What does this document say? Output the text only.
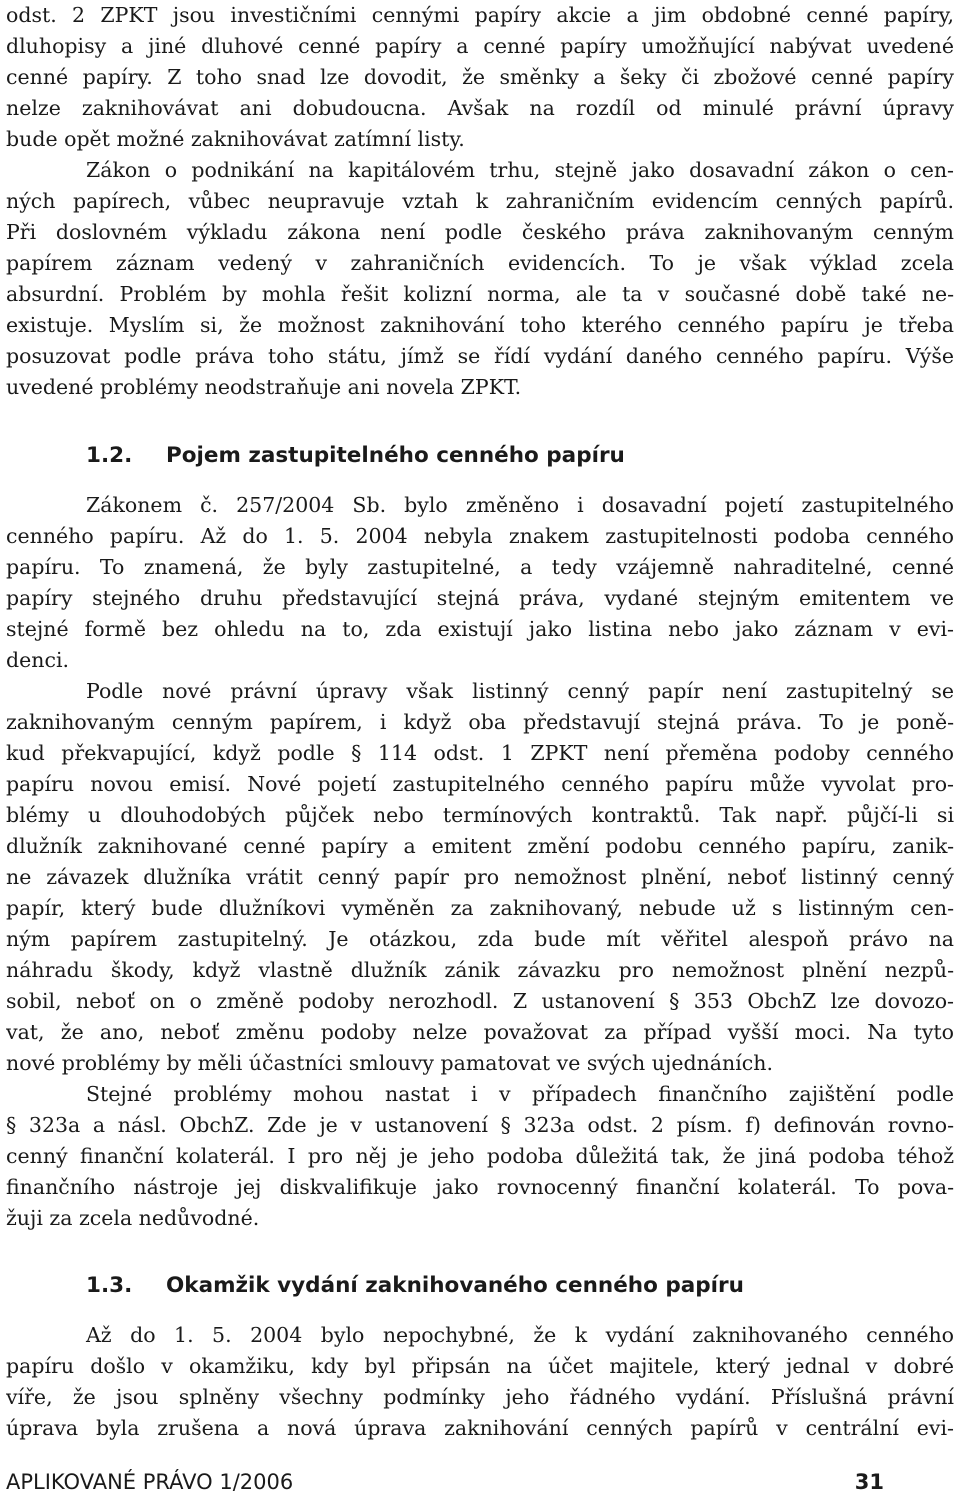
odst. 2 ZPKT jsou investičními cennými papíry akcie a jim obdobné cenné papíry,
dluhopisy a jiné dluhové cenné papíry a cenné papíry umožňující nabývat uvedené
cenné papíry. Z toho snad lze dovodit, že směnky a šeky či zbožové cenné papíry
nelze zaknihovávat ani dobudoucna. Avšak na rozdíl od minulé právní úpravy
bude opět možné zaknihovávat zatímní listy.
Zákon o podnikání na kapitálovém trhu, stejně jako dosavadní zákon o cen-
ných papírech, vůbec neupravuje vztah k zahraničním evidencím cenných papírů.
Při doslovném výkladu zákona není podle českého práva zaknihovaným cenným
papírem záznam vedený v zahraničních evidencích. To je však výklad zcela
absurdní. Problém by mohla řešit kolizní norma, ale ta v současné době také ne-
existuje. Myslím si, že možnost zaknihování toho kterého cenného papíru je třeba
posuzovat podle práva toho státu, jímž se řídí vydání daného cenného papíru. Výše
uvedené problémy neodstraňuje ani novela ZPKT.
1.2. Pojem zastupitelného cenného papíru
Zákonem č. 257/2004 Sb. bylo změněno i dosavadní pojetí zastupitelného
cenného papíru. Až do 1. 5. 2004 nebyla znakem zastupitelnosti podoba cenného
papíru. To znamená, že byly zastupitelné, a tedy vzájemně nahraditelné, cenné
papíry stejného druhu představující stejná práva, vydané stejným emitentem ve
stejné formě bez ohledu na to, zda existují jako listina nebo jako záznam v evi-
denci.
Podle nové právní úpravy však listinný cenný papír není zastupitelný se
zaknihovaným cenným papírem, i když oba představují stejná práva. To je poně-
kud překvapující, když podle § 114 odst. 1 ZPKT není přeměna podoby cenného
papíru novou emisí. Nové pojetí zastupitelného cenného papíru může vyvolat pro-
blémy u dlouhodobých půjček nebo termínových kontraktů. Tak např. půjčí-li si
dlužník zaknihované cenné papíry a emitent změní podobu cenného papíru, zanik-
ne závazek dlužníka vrátit cenný papír pro nemožnost plnění, neboť listinný cenný
papír, který bude dlužníkovi vyměněn za zaknihovaný, nebude už s listinným cen-
ným papírem zastupitelný. Je otázkou, zda bude mít věřitel alespoň právo na
náhradu škody, když vlastně dlužník zánik závazku pro nemožnost plnění nezpů-
sobil, neboť on o změně podoby nerozhodl. Z ustanovení § 353 ObchZ lze dovozo-
vat, že ano, neboť změnu podoby nelze považovat za případ vyšší moci. Na tyto
nové problémy by měli účastníci smlouvy pamatovat ve svých ujednáních.
Stejné problémy mohou nastat i v případech finančního zajištění podle
§ 323a a násl. ObchZ. Zde je v ustanovení § 323a odst. 2 písm. f) definován rovno-
cenný finanční kolaterál. I pro něj je jeho podoba důležitá tak, že jiná podoba téhož
finančního nástroje jej diskvalifikuje jako rovnocenný finanční kolaterál. To pova-
žuji za zcela nedůvodné.
1.3. Okamžik vydání zaknihovaného cenného papíru
Až do 1. 5. 2004 bylo nepochybné, že k vydání zaknihovaného cenného
papíru došlo v okamžiku, kdy byl připsán na účet majitele, který jednal v dobré
víře, že jsou splněny všechny podmínky jeho řádného vydání. Příslušná právní
úprava byla zrušena a nová úprava zaknihování cenných papírů v centrální evi-
APLIKOVANÉ PRÁVO 1/2006	31
